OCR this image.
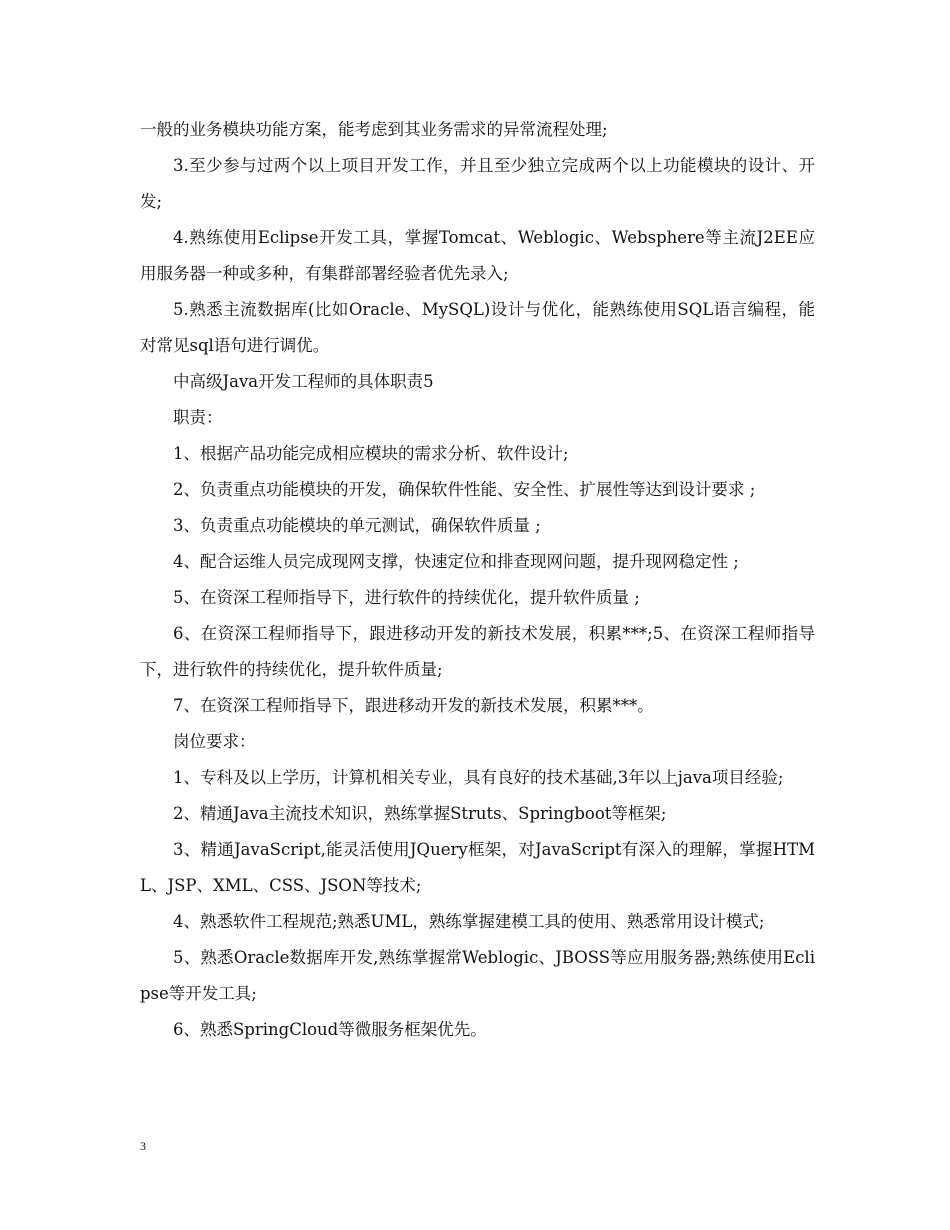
一般的业务模块功能方案，能考虑到其业务需求的异常流程处理;

3.至少参与过两个以上项目开发工作，并且至少独立完成两个以上功能模块的设计、开发;

4.熟练使用Eclipse开发工具，掌握Tomcat、Weblogic、Websphere等主流J2EE应用服务器一种或多种，有集群部署经验者优先录入;

5.熟悉主流数据库(比如Oracle、MySQL)设计与优化，能熟练使用SQL语言编程，能对常见sql语句进行调优。

中高级Java开发工程师的具体职责5

职责：

1、根据产品功能完成相应模块的需求分析、软件设计;

2、负责重点功能模块的开发，确保软件性能、安全性、扩展性等达到设计要求 ;

3、负责重点功能模块的单元测试，确保软件质量 ;

4、配合运维人员完成现网支撑，快速定位和排查现网问题，提升现网稳定性 ;

5、在资深工程师指导下，进行软件的持续优化，提升软件质量 ;

6、在资深工程师指导下，跟进移动开发的新技术发展，积累***;5、在资深工程师指导下，进行软件的持续优化，提升软件质量;

7、在资深工程师指导下，跟进移动开发的新技术发展，积累***。

岗位要求：

1、专科及以上学历，计算机相关专业，具有良好的技术基础,3年以上java项目经验;

2、精通Java主流技术知识，熟练掌握Struts、Springboot等框架;

3、精通JavaScript,能灵活使用JQuery框架，对JavaScript有深入的理解，掌握HTML、JSP、XML、CSS、JSON等技术;

4、熟悉软件工程规范;熟悉UML，熟练掌握建模工具的使用、熟悉常用设计模式;

5、熟悉Oracle数据库开发,熟练掌握常Weblogic、JBOSS等应用服务器;熟练使用Eclipse等开发工具;

6、熟悉SpringCloud等微服务框架优先。

3
